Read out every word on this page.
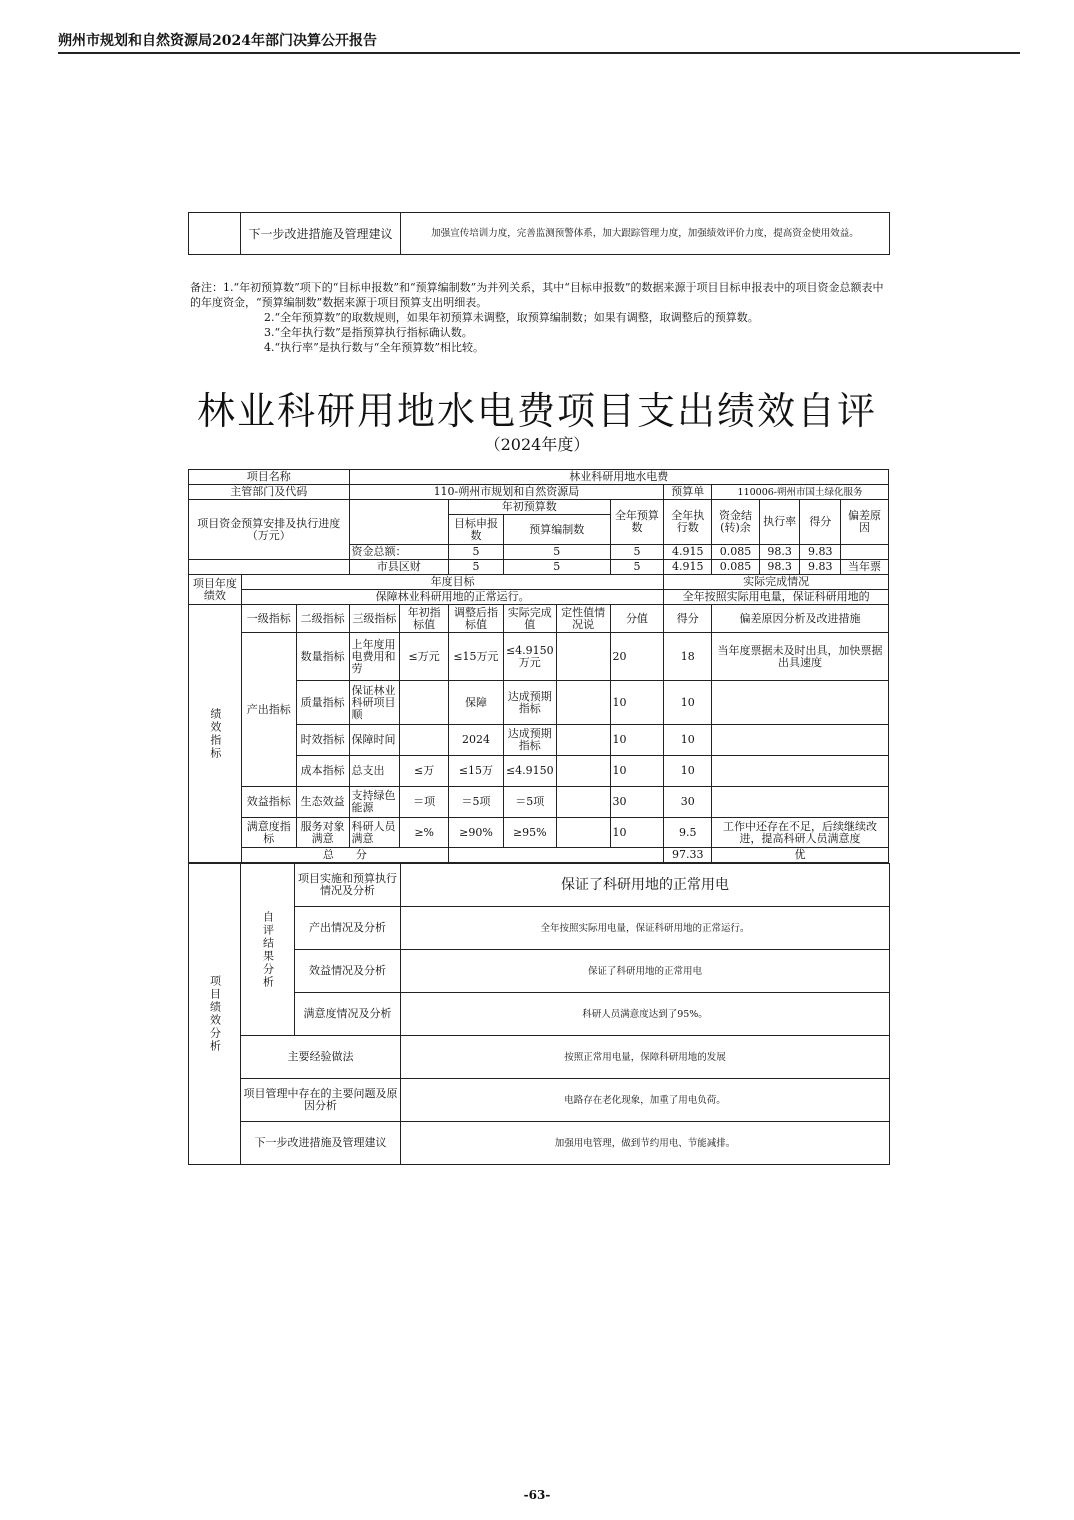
朔州市规划和自然资源局2024年部门决算公开报告
	下一步改进措施及管理建议	加强宣传培训力度，完善监测预警体系，加大跟踪管理力度，加强绩效评价力度，提高资金使用效益。

备注：1.“年初预算数”项下的“目标申报数”和“预算编制数”为并列关系，其中“目标申报数”的数据来源于项目目标申报表中的项目资金总额表中的年度资金，“预算编制数”数据来源于项目预算支出明细表。

2.“全年预算数”的取数规则，如果年初预算未调整，取预算编制数；如果有调整，取调整后的预算数。

3.“全年执行数”是指预算执行指标确认数。

4.“执行率”是执行数与“全年预算数”相比较。

林业科研用地水电费项目支出绩效自评
（2024年度）
项目名称			林业科研用地水电费										
主管部门及代码			110-朔州市规划和自然资源局						预算单	110006-朔州市国土绿化服务			
项目资金预算安排及执行进度（万元）					年初预算数			全年预算数	全年执行数	资金结(转)余	执行率	得分	偏差原因
					目标申报数	预算编制数							
			资金总额：		5	5		5	4.915	0.085	98.3	9.83	
			市县区财		5	5		5	4.915	0.085	98.3	9.83	当年票
项目年度绩效	年度目标								实际完成情况				
	保障林业科研用地的正常运行。								全年按照实际用电量，保证科研用地的				

绩效指标	一级指标	二级指标	三级指标	年初指标值	调整后指标值	实际完成值	定性值情况说	分值	得分	偏差原因分析及改进措施			
	产出指标	数量指标	上年度用电费用和劳	≤万元	≤15万元	≤4.9150万元		20	18	当年度票据未及时出具，加快票据出具速度			
		质量指标	保证林业科研项目顺		保障	达成预期指标		10	10				
		时效指标	保障时间		2024	达成预期指标		10	10				
		成本指标	总支出	≤万	≤15万	≤4.9150		10	10				
	效益指标	生态效益	支持绿色能源	＝项	＝5项	＝5项		30	30				
	满意度指标	服务对象满意	科研人员满意	≥%	≥90%	≥95%		10	9.5	工作中还存在不足，后续继续改进，提高科研人员满意度			
	总　　分								97.33	优			
项目绩效分析	自评结果分析	项目实施和预算执行情况及分析	保证了科研用地的正常用电
		产出情况及分析	全年按照实际用电量，保证科研用地的正常运行。
		效益情况及分析	保证了科研用地的正常用电
		满意度情况及分析	科研人员满意度达到了95%。
	主要经验做法		按照正常用电量，保障科研用地的发展
	项目管理中存在的主要问题及原因分析		电路存在老化现象，加重了用电负荷。
	下一步改进措施及管理建议		加强用电管理，做到节约用电、节能减排。
-63-
